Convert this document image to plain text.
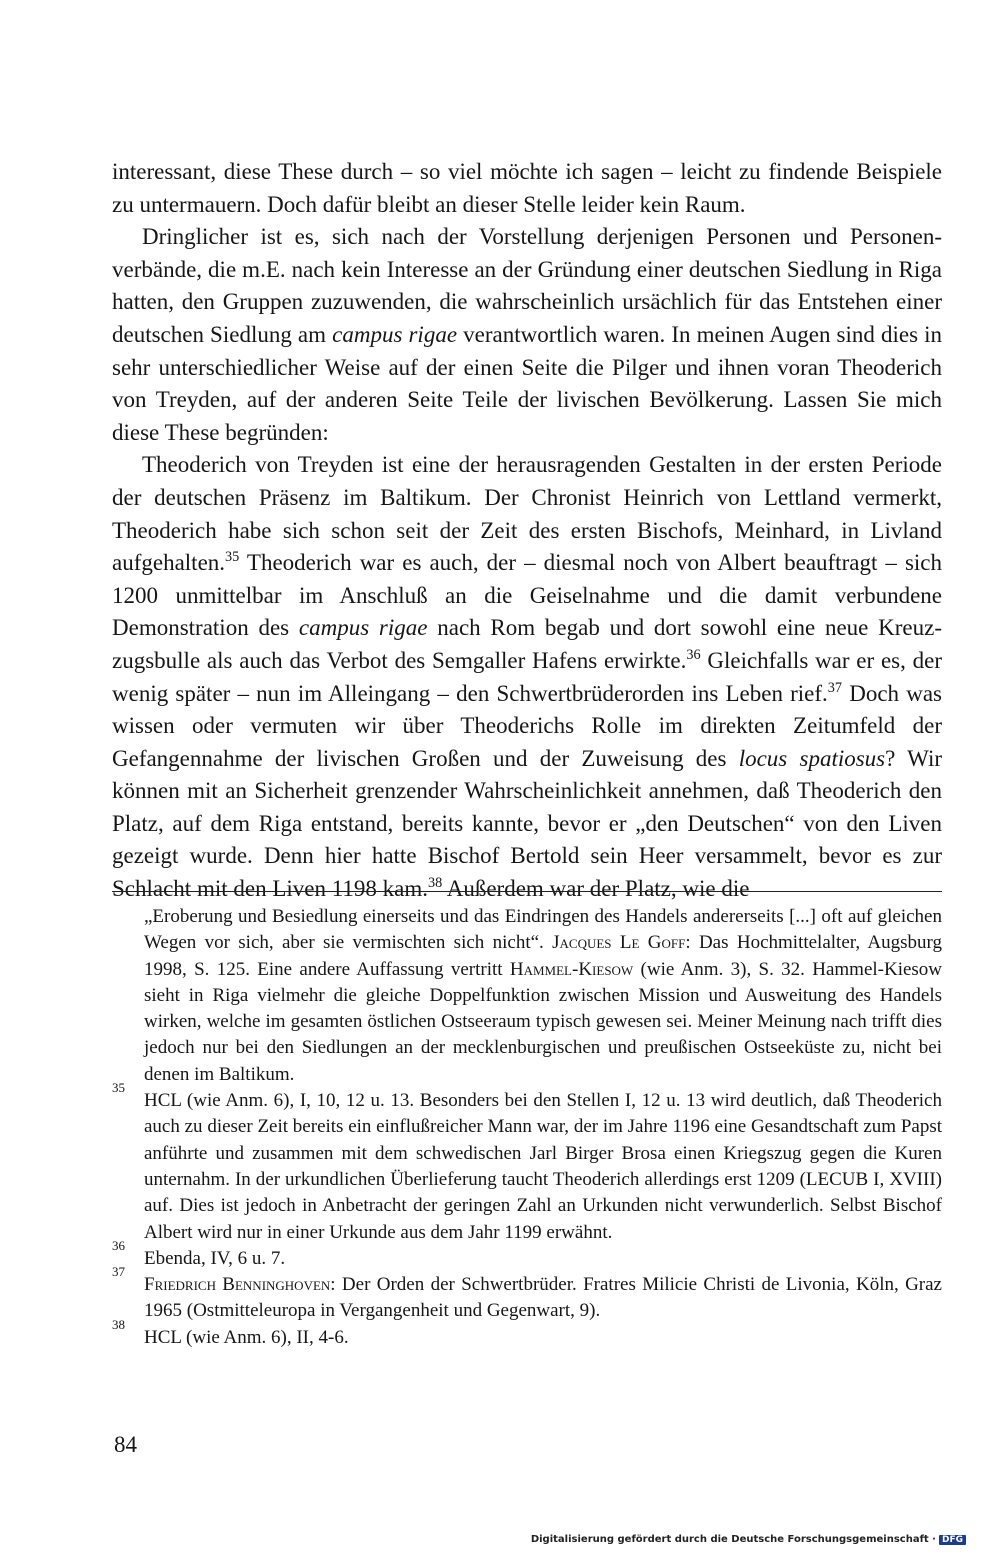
interessant, diese These durch – so viel möchte ich sagen – leicht zu findende Beispiele zu untermauern. Doch dafür bleibt an dieser Stelle leider kein Raum.

Dringlicher ist es, sich nach der Vorstellung derjenigen Personen und Personenverbände, die m.E. nach kein Interesse an der Gründung einer deutschen Siedlung in Riga hatten, den Gruppen zuzuwenden, die wahrscheinlich ursächlich für das Entstehen einer deutschen Siedlung am campus rigae verantwortlich waren. In meinen Augen sind dies in sehr unterschiedlicher Weise auf der einen Seite die Pilger und ihnen voran Theoderich von Treyden, auf der anderen Seite Teile der livischen Bevölkerung. Lassen Sie mich diese These begründen:

Theoderich von Treyden ist eine der herausragenden Gestalten in der ersten Periode der deutschen Präsenz im Baltikum. Der Chronist Heinrich von Lettland vermerkt, Theoderich habe sich schon seit der Zeit des ersten Bischofs, Meinhard, in Livland aufgehalten.$^{35}$ Theoderich war es auch, der – diesmal noch von Albert beauftragt – sich 1200 unmittelbar im Anschluß an die Geiselnahme und die damit verbundene Demonstration des campus rigae nach Rom begab und dort sowohl eine neue Kreuzzugsbulle als auch das Verbot des Semgaller Hafens erwirkte.$^{36}$ Gleichfalls war er es, der wenig später – nun im Alleingang – den Schwertbrüderorden ins Leben rief.$^{37}$ Doch was wissen oder vermuten wir über Theoderichs Rolle im direkten Zeitumfeld der Gefangennahme der livischen Großen und der Zuweisung des locus spatiosus? Wir können mit an Sicherheit grenzender Wahrscheinlichkeit annehmen, daß Theoderich den Platz, auf dem Riga entstand, bereits kannte, bevor er „den Deutschen“ von den Liven gezeigt wurde. Denn hier hatte Bischof Bertold sein Heer versammelt, bevor es zur Schlacht mit den Liven 1198 kam.$^{38}$ Außerdem war der Platz, wie die

„Eroberung und Besiedlung einerseits und das Eindringen des Handels andererseits [...] oft auf gleichen Wegen vor sich, aber sie vermischten sich nicht“. Jacques Le Goff: Das Hochmittelalter, Augsburg 1998, S. 125. Eine andere Auffassung vertritt Hammel-Kiesow (wie Anm. 3), S. 32. Hammel-Kiesow sieht in Riga vielmehr die gleiche Doppelfunktion zwischen Mission und Ausweitung des Handels wirken, welche im gesamten östlichen Ostseeraum typisch gewesen sei. Meiner Meinung nach trifft dies jedoch nur bei den Siedlungen an der mecklenburgischen und preußischen Ostseeküste zu, nicht bei denen im Baltikum.
35
HCL (wie Anm. 6), I, 10, 12 u. 13. Besonders bei den Stellen I, 12 u. 13 wird deutlich, daß Theoderich auch zu dieser Zeit bereits ein einflußreicher Mann war, der im Jahre 1196 eine Gesandtschaft zum Papst anführte und zusammen mit dem schwedischen Jarl Birger Brosa einen Kriegszug gegen die Kuren unternahm. In der urkundlichen Überlieferung taucht Theoderich allerdings erst 1209 (LECUB I, XVIII) auf. Dies ist jedoch in Anbetracht der geringen Zahl an Urkunden nicht verwunderlich. Selbst Bischof Albert wird nur in einer Urkunde aus dem Jahr 1199 erwähnt.
36
Ebenda, IV, 6 u. 7.
37
Friedrich Benninghoven: Der Orden der Schwertbrüder. Fratres Milicie Christi de Livonia, Köln, Graz 1965 (Ostmitteleuropa in Vergangenheit und Gegenwart, 9).
38
HCL (wie Anm. 6), II, 4-6.
84
Digitalisierung gefördert durch die Deutsche Forschungsgemeinschaft · DFG
